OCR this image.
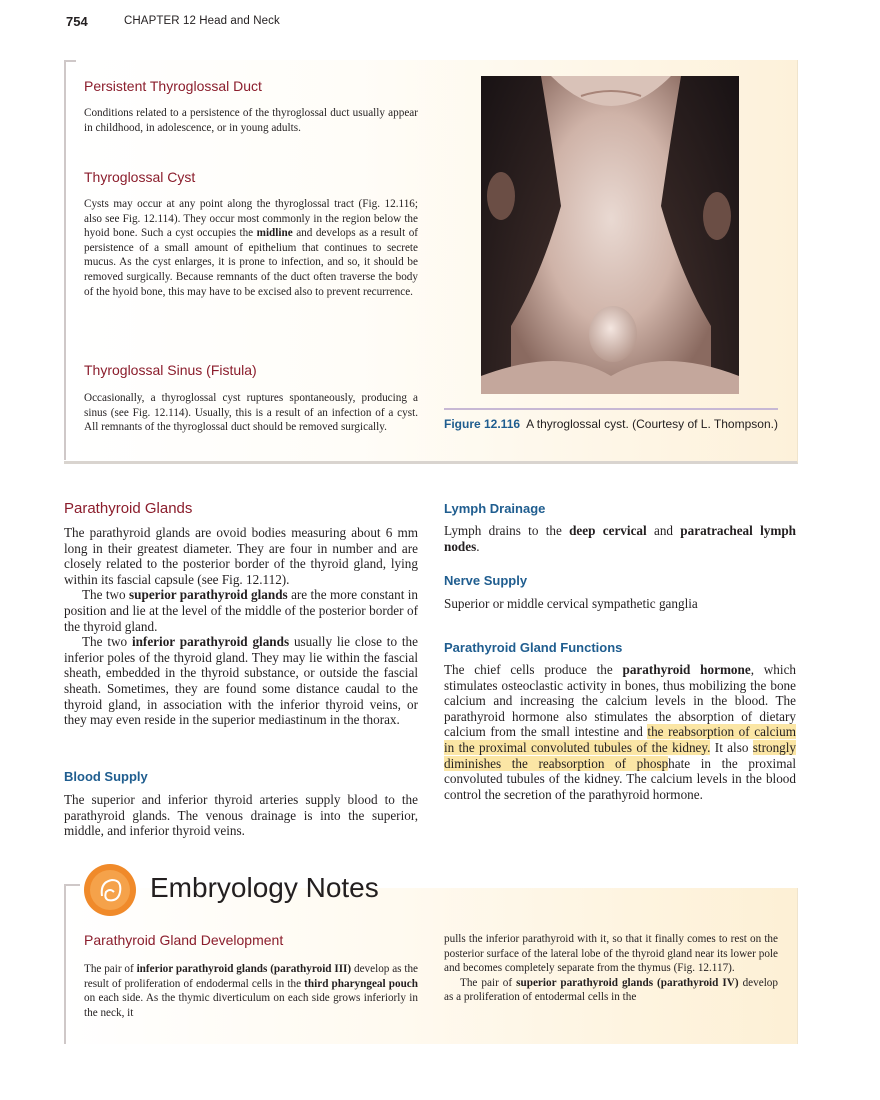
754	CHAPTER 12 Head and Neck
Persistent Thyroglossal Duct

Conditions related to a persistence of the thyroglossal duct usually appear in childhood, in adolescence, or in young adults.

Thyroglossal Cyst

Cysts may occur at any point along the thyroglossal tract (Fig. 12.116; also see Fig. 12.114). They occur most commonly in the region below the hyoid bone. Such a cyst occupies the midline and develops as a result of persistence of a small amount of epithelium that continues to secrete mucus. As the cyst enlarges, it is prone to infection, and so, it should be removed surgically. Because remnants of the duct often traverse the body of the hyoid bone, this may have to be excised also to prevent recurrence.

Thyroglossal Sinus (Fistula)

Occasionally, a thyroglossal cyst ruptures spontaneously, producing a sinus (see Fig. 12.114). Usually, this is a result of an infection of a cyst. All remnants of the thyroglossal duct should be removed surgically.	Figure 12.116 A thyroglossal cyst. (Courtesy of L. Thompson.)
Parathyroid Glands

The parathyroid glands are ovoid bodies measuring about 6 mm long in their greatest diameter. They are four in number and are closely related to the posterior border of the thyroid gland, lying within its fascial capsule (see Fig. 12.112).
The two superior parathyroid glands are the more constant in position and lie at the level of the middle of the posterior border of the thyroid gland.
The two inferior parathyroid glands usually lie close to the inferior poles of the thyroid gland. They may lie within the fascial sheath, embedded in the thyroid substance, or outside the fascial sheath. Sometimes, they are found some distance caudal to the thyroid gland, in association with the inferior thyroid veins, or they may even reside in the superior mediastinum in the thorax.

Blood Supply

The superior and inferior thyroid arteries supply blood to the parathyroid glands. The venous drainage is into the superior, middle, and inferior thyroid veins.

Lymph Drainage

Lymph drains to the deep cervical and paratracheal lymph nodes.

Nerve Supply

Superior or middle cervical sympathetic ganglia

Parathyroid Gland Functions

The chief cells produce the parathyroid hormone, which stimulates osteoclastic activity in bones, thus mobilizing the bone calcium and increasing the calcium levels in the blood. The parathyroid hormone also stimulates the absorption of dietary calcium from the small intestine and the reabsorption of calcium in the proximal convoluted tubules of the kidney. It also strongly diminishes the reabsorption of phosphate in the proximal convoluted tubules of the kidney. The calcium levels in the blood control the secretion of the parathyroid hormone.

Embryology Notes
Parathyroid Gland Development

The pair of inferior parathyroid glands (parathyroid III) develop as the result of proliferation of endodermal cells in the third pharyngeal pouch on each side. As the thymic diverticulum on each side grows inferiorly in the neck, it

pulls the inferior parathyroid with it, so that it finally comes to rest on the posterior surface of the lateral lobe of the thyroid gland near its lower pole and becomes completely separate from the thymus (Fig. 12.117).
The pair of superior parathyroid glands (parathyroid IV) develop as a proliferation of entodermal cells in the
